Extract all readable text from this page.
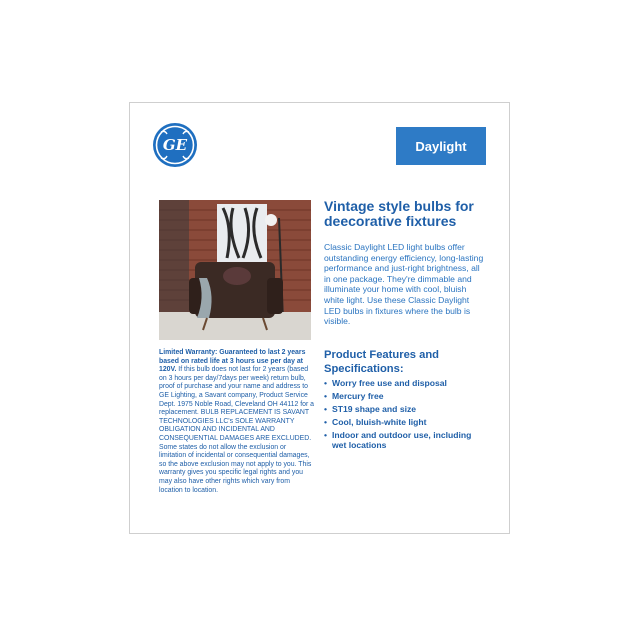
GE	Daylight
Limited Warranty: Guaranteed to last 2 years based on rated life at 3 hours use per day at 120V. If this bulb does not last for 2 years (based on 3 hours per day/7days per week) return bulb, proof of purchase and your name and address to GE Lighting, a Savant company, Product Service Dept. 1975 Noble Road, Cleveland OH 44112 for a replacement. BULB REPLACEMENT IS SAVANT TECHNOLOGIES LLC's SOLE WARRANTY OBLIGATION AND INCIDENTAL AND CONSEQUENTIAL DAMAGES ARE EXCLUDED. Some states do not allow the exclusion or limitation of incidental or consequential damages, so the above exclusion may not apply to you. This warranty gives you specific legal rights and you may also have other rights which vary from location to location.
Vintage style bulbs for deecorative fixtures

Classic Daylight LED light bulbs offer outstanding energy efficiency, long-lasting performance and just-right brightness, all in one package. They're dimmable and illuminate your home with cool, bluish white light. Use these Classic Daylight LED bulbs in fixtures where the bulb is visible.

Product Features and Specifications:
• Worry free use and disposal
• Mercury free
• ST19 shape and size
• Cool, bluish-white light
• Indoor and outdoor use, including wet locations
